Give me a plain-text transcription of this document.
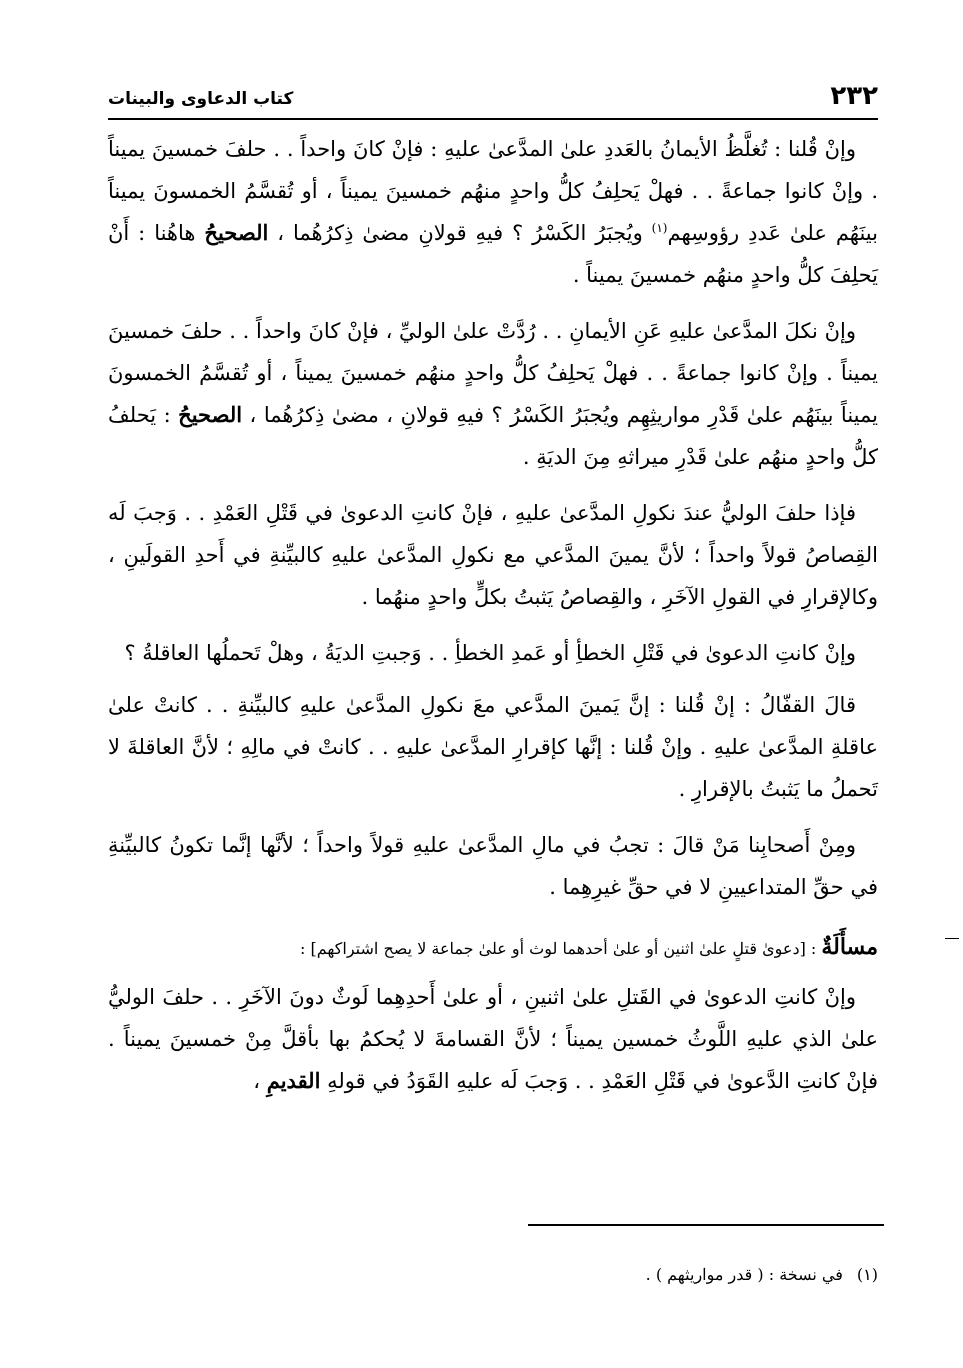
٢٣٢
كتاب الدعاوى والبينات

وإنْ قُلنا : تُغلَّظُ الأيمانُ بالعَددِ علىٰ المدَّعىٰ عليهِ : فإنْ كانَ واحداً . . حلفَ خمسينَ يميناً . وإنْ كانوا جماعةً . . فهلْ يَحلِفُ كلُّ واحدٍ منهُم خمسينَ يميناً ، أو تُقسَّمُ الخمسونَ يميناً بينَهُم علىٰ عَددِ رؤوسِهم$^{(١)}$ ويُجبَرُ الكَسْرُ ؟ فيهِ قولانِ مضىٰ ذِكرُهُما ، الصحيحُ هاهُنا : أَنْ يَحلِفَ كلُّ واحدٍ منهُم خمسينَ يميناً .

وإنْ نكلَ المدَّعىٰ عليهِ عَنِ الأيمانِ . . رُدَّتْ علىٰ الوليِّ ، فإنْ كانَ واحداً . . حلفَ خمسينَ يميناً . وإنْ كانوا جماعةً . . فهلْ يَحلِفُ كلُّ واحدٍ منهُم خمسينَ يميناً ، أو تُقسَّمُ الخمسونَ يميناً بينَهُم علىٰ قَدْرِ مواريثِهِم ويُجبَرُ الكَسْرُ ؟ فيهِ قولانِ ، مضىٰ ذِكرُهُما ، الصحيحُ : يَحلفُ كلُّ واحدٍ منهُم علىٰ قَدْرِ ميراثهِ مِنَ الديَةِ .

فإذا حلفَ الوليُّ عندَ نكولِ المدَّعىٰ عليهِ ، فإنْ كانتِ الدعوىٰ في قَتْلِ العَمْدِ . . وَجبَ لَه القِصاصُ قولاً واحداً ؛ لأنَّ يمينَ المدَّعي مع نكولِ المدَّعىٰ عليهِ كالبيِّنةِ في أَحدِ القولَينِ ، وكالإقرارِ في القولِ الآخَرِ ، والقِصاصُ يَثبتُ بكلٍّ واحدٍ منهُما .

وإنْ كانتِ الدعوىٰ في قَتْلِ الخطأِ أو عَمدِ الخطأِ . . وَجبتِ الديَةُ ، وهلْ تَحملُها العاقلةُ ؟

قالَ القفّالُ : إنْ قُلنا : إنَّ يَمينَ المدَّعي معَ نكولِ المدَّعىٰ عليهِ كالبيِّنةِ . . كانتْ علىٰ عاقلةِ المدَّعىٰ عليهِ . وإنْ قُلنا : إنَّها كإقرارِ المدَّعىٰ عليهِ . . كانتْ في مالِهِ ؛ لأنَّ العاقلةَ لا تَحملُ ما يَثبتُ بالإقرارِ .

ومِنْ أَصحابِنا مَنْ قالَ : تجبُ في مالِ المدَّعىٰ عليهِ قولاً واحداً ؛ لأنَّها إنَّما تكونُ كالبيِّنةِ في حقِّ المتداعيينِ لا في حقِّ غيرِهِما .

مسأَلَةٌ : [دعوىٰ قتلٍ علىٰ اثنين أو علىٰ أحدهما لوث أو علىٰ جماعة لا يصح اشتراكهم] :

وإنْ كانتِ الدعوىٰ في القَتلِ علىٰ اثنينِ ، أو علىٰ أَحدِهِما لَوثٌ دونَ الآخَرِ . . حلفَ الوليُّ علىٰ الذي عليهِ اللَّوثُ خمسين يميناً ؛ لأنَّ القسامةَ لا يُحكمُ بها بأقلَّ مِنْ خمسينَ يميناً . فإنْ كانتِ الدَّعوىٰ في قَتْلِ العَمْدِ . . وَجبَ لَه عليهِ القَوَدُ في قولهِ القديمِ ،

(١)في نسخة : ( قدر مواريثهم ) .
